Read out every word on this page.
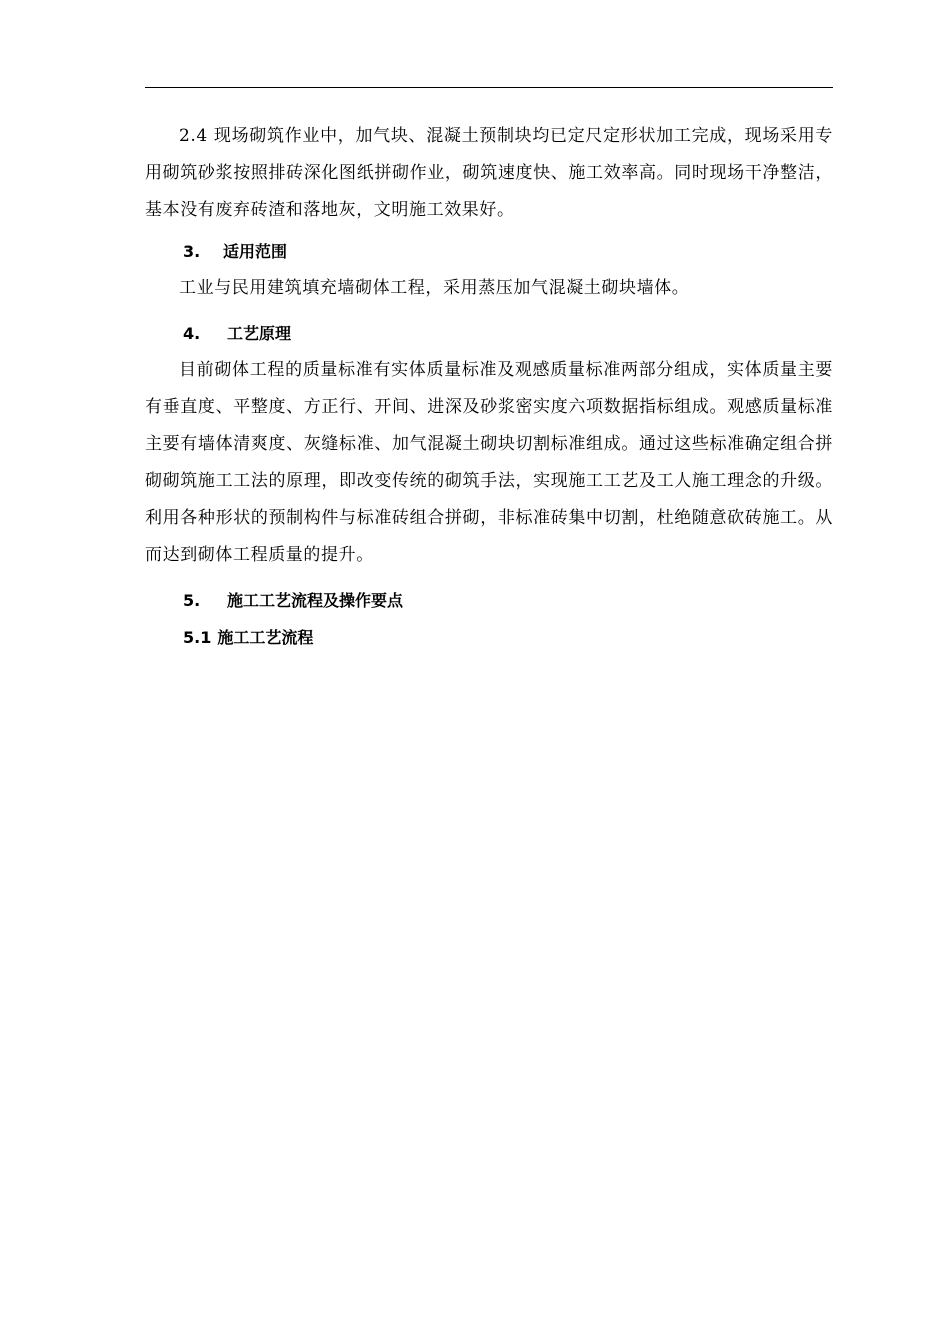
2.4 现场砌筑作业中，加气块、混凝土预制块均已定尺定形状加工完成，现场采用专用砌筑砂浆按照排砖深化图纸拼砌作业，砌筑速度快、施工效率高。同时现场干净整洁，基本没有废弃砖渣和落地灰，文明施工效果好。

3. 适用范围

工业与民用建筑填充墙砌体工程，采用蒸压加气混凝土砌块墙体。

4. 工艺原理

目前砌体工程的质量标准有实体质量标准及观感质量标准两部分组成，实体质量主要有垂直度、平整度、方正行、开间、进深及砂浆密实度六项数据指标组成。观感质量标准主要有墙体清爽度、灰缝标准、加气混凝土砌块切割标准组成。通过这些标准确定组合拼砌砌筑施工工法的原理，即改变传统的砌筑手法，实现施工工艺及工人施工理念的升级。利用各种形状的预制构件与标准砖组合拼砌，非标准砖集中切割，杜绝随意砍砖施工。从而达到砌体工程质量的提升。

5. 施工工艺流程及操作要点

5.1 施工工艺流程
